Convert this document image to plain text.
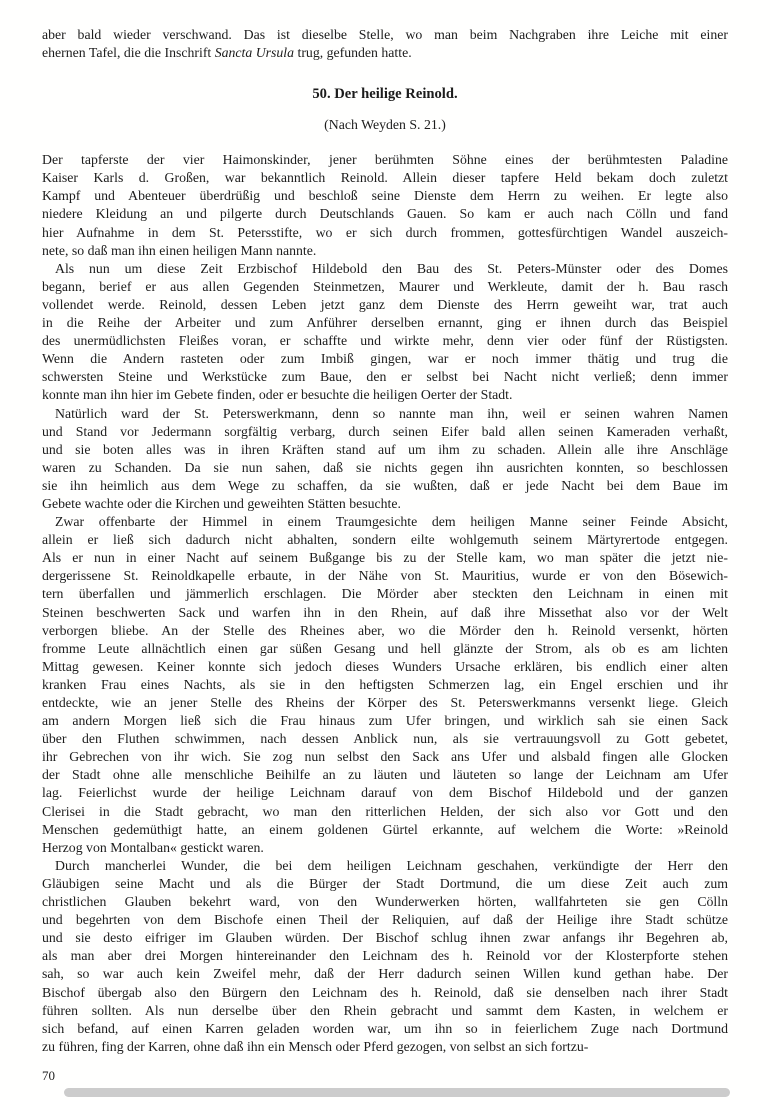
aber bald wieder verschwand. Das ist dieselbe Stelle, wo man beim Nachgraben ihre Leiche mit einer
ehernen Tafel, die die Inschrift Sancta Ursula trug, gefunden hatte.
50. Der heilige Reinold.
(Nach Weyden S. 21.)
Der tapferste der vier Haimonskinder, jener berühmten Söhne eines der berühmtesten Paladine
Kaiser Karls d. Großen, war bekanntlich Reinold. Allein dieser tapfere Held bekam doch zuletzt
Kampf und Abenteuer überdrüßig und beschloß seine Dienste dem Herrn zu weihen. Er legte also
niedere Kleidung an und pilgerte durch Deutschlands Gauen. So kam er auch nach Cölln und fand
hier Aufnahme in dem St. Petersstifte, wo er sich durch frommen, gottesfürchtigen Wandel auszeich-
nete, so daß man ihn einen heiligen Mann nannte.
Als nun um diese Zeit Erzbischof Hildebold den Bau des St. Peters-Münster oder des Domes
begann, berief er aus allen Gegenden Steinmetzen, Maurer und Werkleute, damit der h. Bau rasch
vollendet werde. Reinold, dessen Leben jetzt ganz dem Dienste des Herrn geweiht war, trat auch
in die Reihe der Arbeiter und zum Anführer derselben ernannt, ging er ihnen durch das Beispiel
des unermüdlichsten Fleißes voran, er schaffte und wirkte mehr, denn vier oder fünf der Rüstigsten.
Wenn die Andern rasteten oder zum Imbiß gingen, war er noch immer thätig und trug die
schwersten Steine und Werkstücke zum Baue, den er selbst bei Nacht nicht verließ; denn immer
konnte man ihn hier im Gebete finden, oder er besuchte die heiligen Oerter der Stadt.
Natürlich ward der St. Peterswerkmann, denn so nannte man ihn, weil er seinen wahren Namen
und Stand vor Jedermann sorgfältig verbarg, durch seinen Eifer bald allen seinen Kameraden verhaßt,
und sie boten alles was in ihren Kräften stand auf um ihm zu schaden. Allein alle ihre Anschläge
waren zu Schanden. Da sie nun sahen, daß sie nichts gegen ihn ausrichten konnten, so beschlossen
sie ihn heimlich aus dem Wege zu schaffen, da sie wußten, daß er jede Nacht bei dem Baue im
Gebete wachte oder die Kirchen und geweihten Stätten besuchte.
Zwar offenbarte der Himmel in einem Traumgesichte dem heiligen Manne seiner Feinde Absicht,
allein er ließ sich dadurch nicht abhalten, sondern eilte wohlgemuth seinem Märtyrertode entgegen.
Als er nun in einer Nacht auf seinem Bußgange bis zu der Stelle kam, wo man später die jetzt nie-
dergerissene St. Reinoldkapelle erbaute, in der Nähe von St. Mauritius, wurde er von den Bösewich-
tern überfallen und jämmerlich erschlagen. Die Mörder aber steckten den Leichnam in einen mit
Steinen beschwerten Sack und warfen ihn in den Rhein, auf daß ihre Missethat also vor der Welt
verborgen bliebe. An der Stelle des Rheines aber, wo die Mörder den h. Reinold versenkt, hörten
fromme Leute allnächtlich einen gar süßen Gesang und hell glänzte der Strom, als ob es am lichten
Mittag gewesen. Keiner konnte sich jedoch dieses Wunders Ursache erklären, bis endlich einer alten
kranken Frau eines Nachts, als sie in den heftigsten Schmerzen lag, ein Engel erschien und ihr
entdeckte, wie an jener Stelle des Rheins der Körper des St. Peterswerkmanns versenkt liege. Gleich
am andern Morgen ließ sich die Frau hinaus zum Ufer bringen, und wirklich sah sie einen Sack
über den Fluthen schwimmen, nach dessen Anblick nun, als sie vertrauungsvoll zu Gott gebetet,
ihr Gebrechen von ihr wich. Sie zog nun selbst den Sack ans Ufer und alsbald fingen alle Glocken
der Stadt ohne alle menschliche Beihilfe an zu läuten und läuteten so lange der Leichnam am Ufer
lag. Feierlichst wurde der heilige Leichnam darauf von dem Bischof Hildebold und der ganzen
Clerisei in die Stadt gebracht, wo man den ritterlichen Helden, der sich also vor Gott und den
Menschen gedemüthigt hatte, an einem goldenen Gürtel erkannte, auf welchem die Worte: »Reinold
Herzog von Montalban« gestickt waren.
Durch mancherlei Wunder, die bei dem heiligen Leichnam geschahen, verkündigte der Herr den
Gläubigen seine Macht und als die Bürger der Stadt Dortmund, die um diese Zeit auch zum
christlichen Glauben bekehrt ward, von den Wunderwerken hörten, wallfahrteten sie gen Cölln
und begehrten von dem Bischofe einen Theil der Reliquien, auf daß der Heilige ihre Stadt schütze
und sie desto eifriger im Glauben würden. Der Bischof schlug ihnen zwar anfangs ihr Begehren ab,
als man aber drei Morgen hintereinander den Leichnam des h. Reinold vor der Klosterpforte stehen
sah, so war auch kein Zweifel mehr, daß der Herr dadurch seinen Willen kund gethan habe. Der
Bischof übergab also den Bürgern den Leichnam des h. Reinold, daß sie denselben nach ihrer Stadt
führen sollten. Als nun derselbe über den Rhein gebracht und sammt dem Kasten, in welchem er
sich befand, auf einen Karren geladen worden war, um ihn so in feierlichem Zuge nach Dortmund
zu führen, fing der Karren, ohne daß ihn ein Mensch oder Pferd gezogen, von selbst an sich fortzu-
70
